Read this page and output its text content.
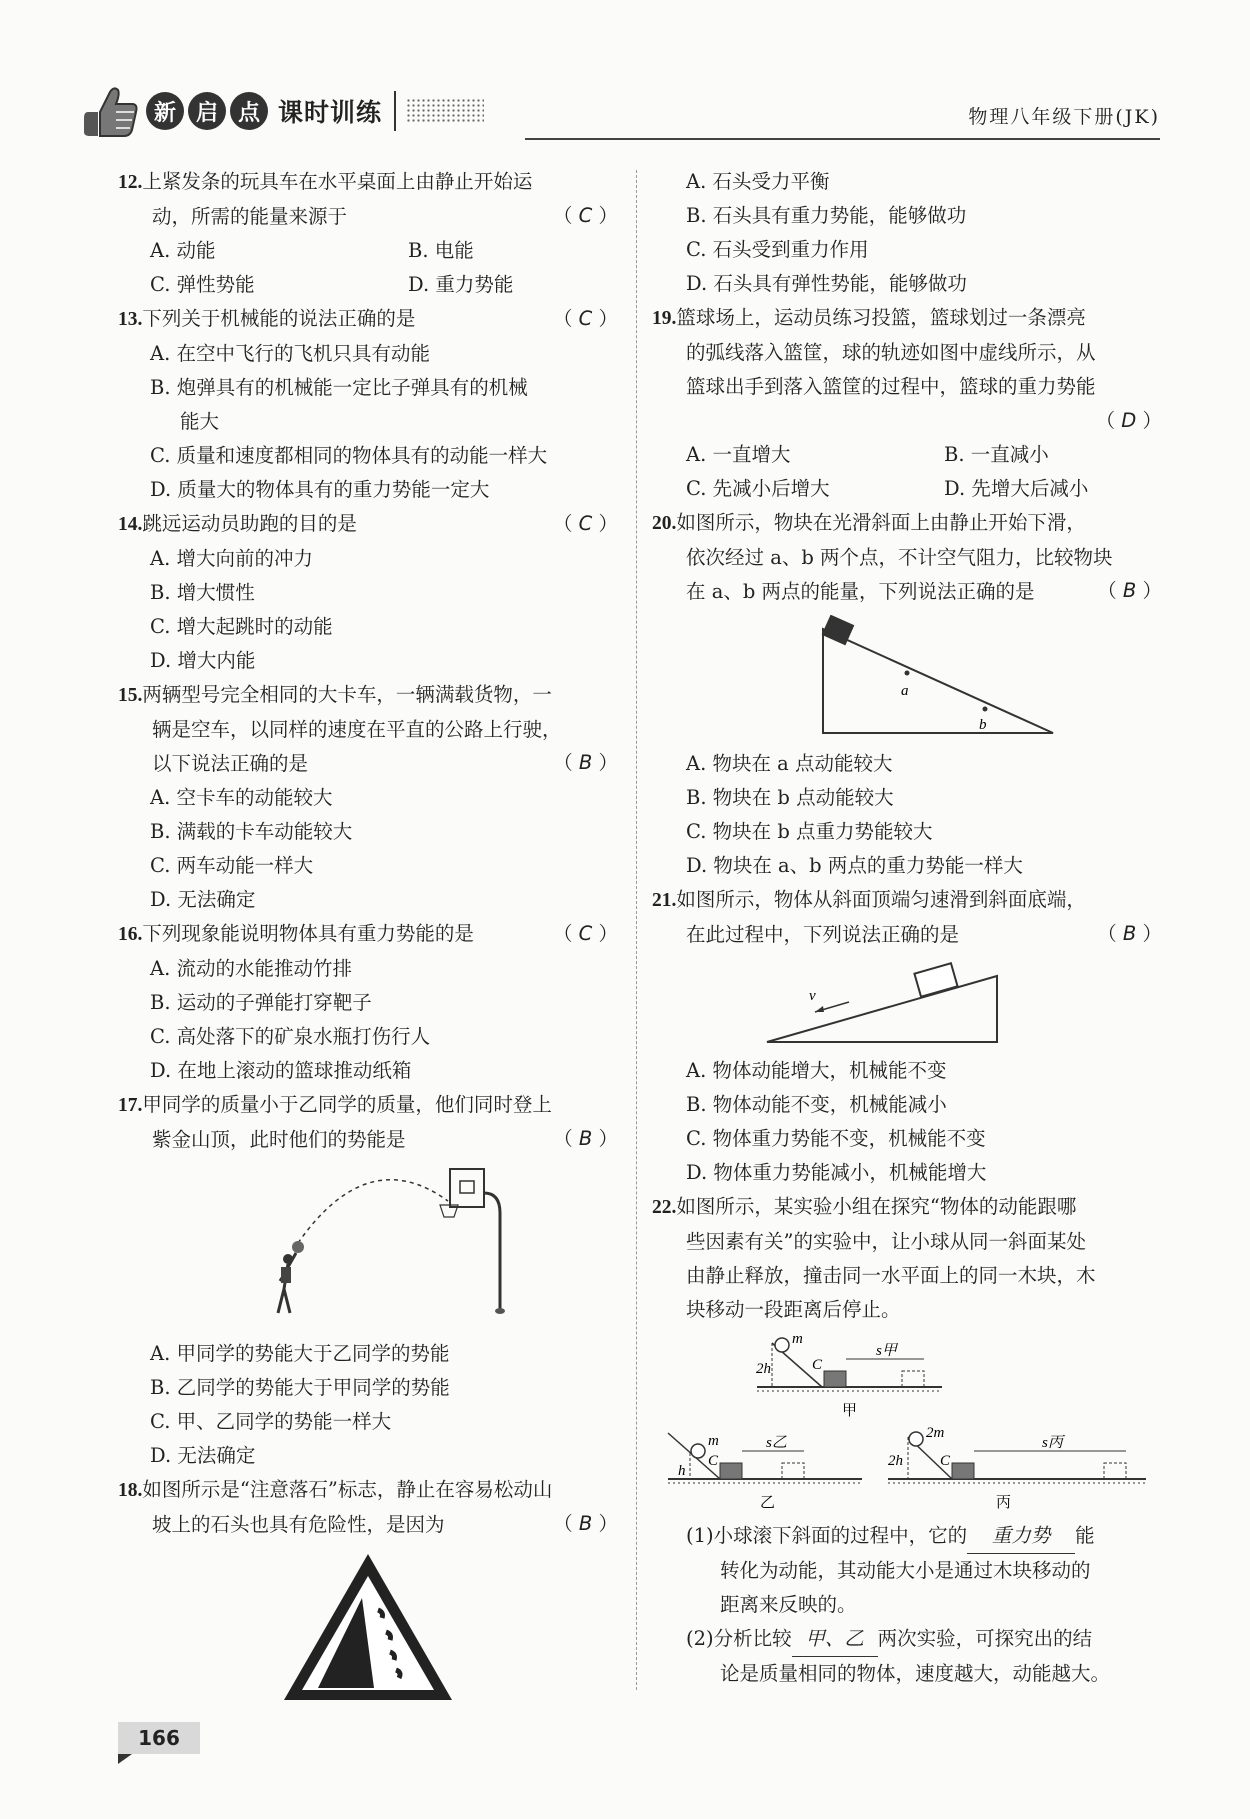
新 启 点 课时训练	物理八年级下册(JK)
12.上紧发条的玩具车在水平桌面上由静止开始运
动，所需的能量来源于	（ C ）
A. 动能	B. 电能
C. 弹性势能	D. 重力势能
13.下列关于机械能的说法正确的是	（ C ）
A. 在空中飞行的飞机只具有动能
B. 炮弹具有的机械能一定比子弹具有的机械
能大
C. 质量和速度都相同的物体具有的动能一样大
D. 质量大的物体具有的重力势能一定大
14.跳远运动员助跑的目的是	（ C ）
A. 增大向前的冲力
B. 增大惯性
C. 增大起跳时的动能
D. 增大内能
15.两辆型号完全相同的大卡车，一辆满载货物，一
辆是空车，以同样的速度在平直的公路上行驶，
以下说法正确的是	（ B ）
A. 空卡车的动能较大
B. 满载的卡车动能较大
C. 两车动能一样大
D. 无法确定
16.下列现象能说明物体具有重力势能的是	（ C ）
A. 流动的水能推动竹排
B. 运动的子弹能打穿靶子
C. 高处落下的矿泉水瓶打伤行人
D. 在地上滚动的篮球推动纸箱
17.甲同学的质量小于乙同学的质量，他们同时登上
紫金山顶，此时他们的势能是	（ B ）
A. 甲同学的势能大于乙同学的势能
B. 乙同学的势能大于甲同学的势能
C. 甲、乙同学的势能一样大
D. 无法确定
18.如图所示是“注意落石”标志，静止在容易松动山
坡上的石头也具有危险性，是因为	（ B ）
A. 石头受力平衡
B. 石头具有重力势能，能够做功
C. 石头受到重力作用
D. 石头具有弹性势能，能够做功
19.篮球场上，运动员练习投篮，篮球划过一条漂亮
的弧线落入篮筐，球的轨迹如图中虚线所示，从
篮球出手到落入篮筐的过程中，篮球的重力势能
（ D ）
A. 一直增大	B. 一直减小
C. 先减小后增大	D. 先增大后减小
20.如图所示，物块在光滑斜面上由静止开始下滑，
依次经过 a、b 两个点，不计空气阻力，比较物块
在 a、b 两点的能量，下列说法正确的是	（ B ）
a
b
A. 物块在 a 点动能较大
B. 物块在 b 点动能较大
C. 物块在 b 点重力势能较大
D. 物块在 a、b 两点的重力势能一样大
21.如图所示，物体从斜面顶端匀速滑到斜面底端，
在此过程中，下列说法正确的是	（ B ）
v
A. 物体动能增大，机械能不变
B. 物体动能不变，机械能减小
C. 物体重力势能不变，机械能不变
D. 物体重力势能减小，机械能增大
22.如图所示，某实验小组在探究“物体的动能跟哪
些因素有关”的实验中，让小球从同一斜面某处
由静止释放，撞击同一水平面上的同一木块，木
块移动一段距离后停止。
m
2h	C
s甲
甲
m
h
C
s乙
乙
2m
2h C
s丙
丙
(1)小球滚下斜面的过程中，它的 重力势 能
转化为动能，其动能大小是通过木块移动的
距离来反映的。
(2)分析比较 甲、乙 两次实验，可探究出的结
论是质量相同的物体，速度越大，动能越大。
166
